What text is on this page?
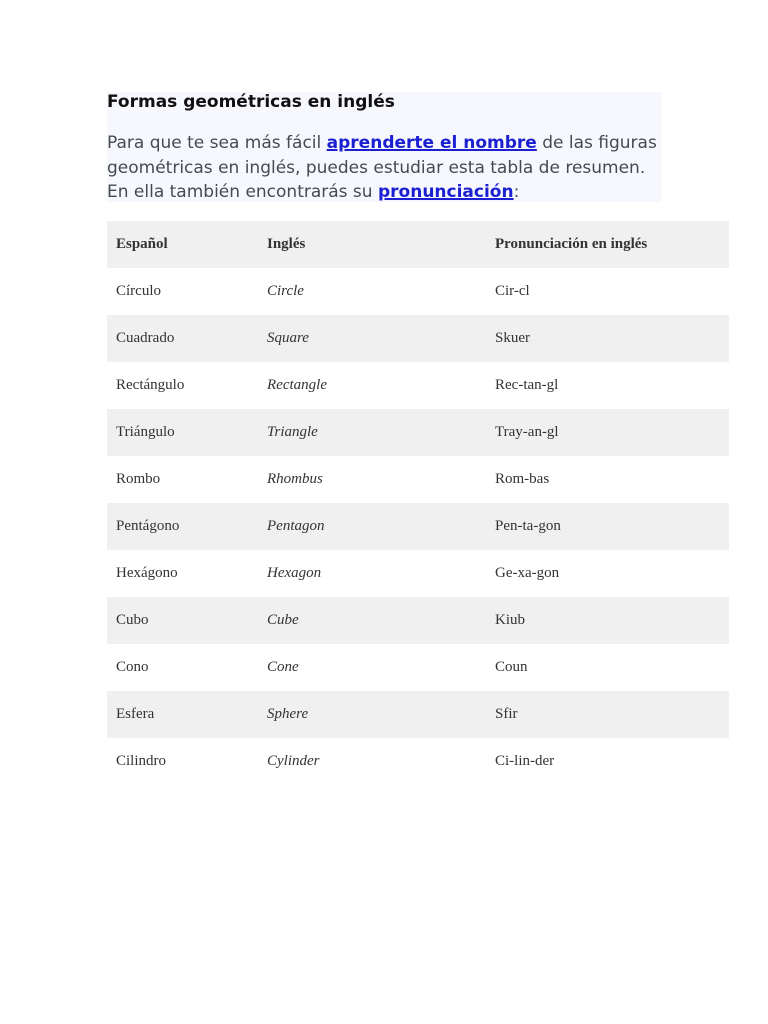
Formas geométricas en inglés

Para que te sea más fácil aprenderte el nombre de las figuras geométricas en inglés, puedes estudiar esta tabla de resumen. En ella también encontrarás su pronunciación:

Español	Inglés	Pronunciación en inglés
Círculo	Circle	Cir-cl
Cuadrado	Square	Skuer
Rectángulo	Rectangle	Rec-tan-gl
Triángulo	Triangle	Tray-an-gl
Rombo	Rhombus	Rom-bas
Pentágono	Pentagon	Pen-ta-gon
Hexágono	Hexagon	Ge-xa-gon
Cubo	Cube	Kiub
Cono	Cone	Coun
Esfera	Sphere	Sfir
Cilindro	Cylinder	Ci-lin-der
